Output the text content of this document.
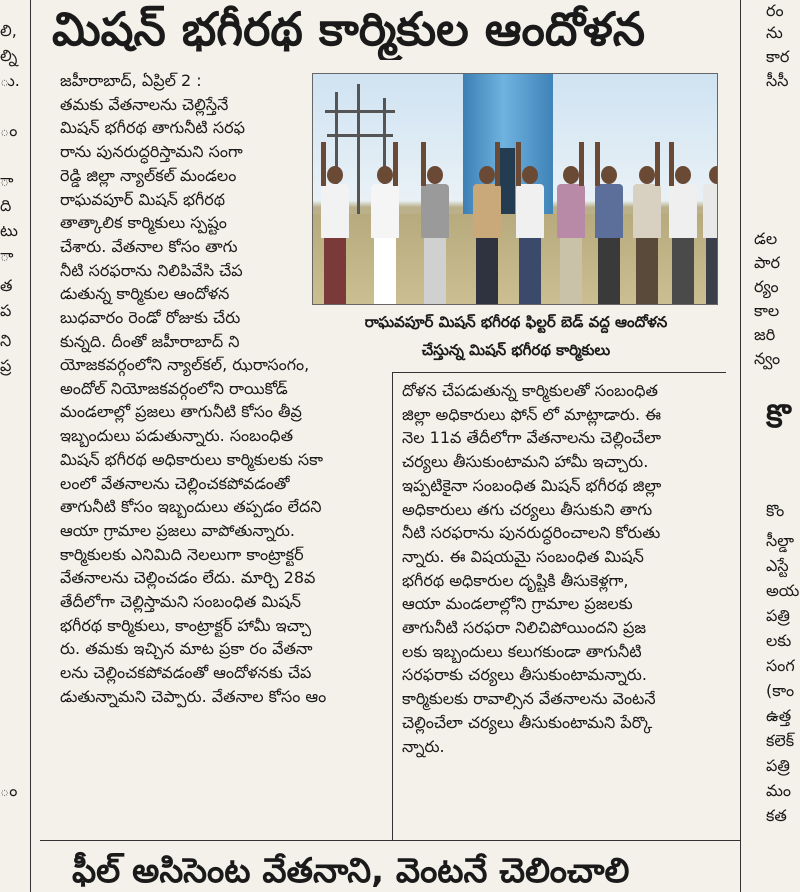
లి,
ల్ని
ు.
ం
ా
ది
టు
ా
త
ప
ని
ప్ర
ం
మిషన్ భగీరథ కార్మికుల ఆందోళన
జహీరాబాద్, ఏప్రిల్ 2 :
తమకు వేతనాలను చెల్లిస్తేనే
మిషన్ భగీరథ తాగునీటి సరఫ
రాను పునరుద్ధరిస్తామని సంగా
రెడ్డి జిల్లా న్యాల్‌కల్ మండలం
రాఘవపూర్ మిషన్ భగీరథ
తాత్కాలిక కార్మికులు స్పష్టం
చేశారు. వేతనాల కోసం తాగు
నీటి సరఫరాను నిలిపివేసి చేప
డుతున్న కార్మికుల ఆందోళన
బుధవారం రెండో రోజుకు చేరు
కున్నది. దీంతో జహీరాబాద్ ని
రాఘవపూర్ మిషన్ భగీరథ ఫిల్టర్ బెడ్ వద్ద ఆందోళన
చేస్తున్న మిషన్ భగీరథ కార్మికులు
యోజకవర్గంలోని న్యాల్‌కల్, ఝరాసంగం,
అందోల్ నియోజకవర్గంలోని రాయికోడ్
మండలాల్లో ప్రజలు తాగునీటి కోసం తీవ్ర
ఇబ్బందులు పడుతున్నారు. సంబంధిత
మిషన్ భగీరథ అధికారులు కార్మికులకు సకా
లంలో వేతనాలను చెల్లించకపోవడంతో
తాగునీటి కోసం ఇబ్బందులు తప్పడం లేదని
ఆయా గ్రామాల ప్రజలు వాపోతున్నారు.
కార్మికులకు ఎనిమిది నెలలుగా కాంట్రాక్టర్
వేతనాలను చెల్లించడం లేదు. మార్చి 28వ
తేదీలోగా చెల్లిస్తామని సంబంధిత మిషన్
భగీరథ కార్మికులు, కాంట్రాక్టర్ హామీ ఇచ్చా
రు. తమకు ఇచ్చిన మాట ప్రకా రం వేతనా
లను చెల్లించకపోవడంతో ఆందోళనకు చేప
డుతున్నామని చెప్పారు. వేతనాల కోసం ఆం
దోళన చేపడుతున్న కార్మికులతో సంబంధిత
జిల్లా అధికారులు ఫోన్ లో మాట్లాడారు. ఈ
నెల 11వ తేదీలోగా వేతనాలను చెల్లించేలా
చర్యలు తీసుకుంటామని హామీ ఇచ్చారు.
ఇప్పటికైనా సంబంధిత మిషన్ భగీరథ జిల్లా
అధికారులు తగు చర్యలు తీసుకుని తాగు
నీటి సరఫరాను పునరుద్ధరించాలని కోరుతు
న్నారు. ఈ విషయమై సంబంధిత మిషన్
భగీరథ అధికారుల దృష్టికి తీసుకెళ్లగా,
ఆయా మండలాల్లోని గ్రామాల ప్రజలకు
తాగునీటి సరఫరా నిలిచిపోయిందని ప్రజ
లకు ఇబ్బందులు కలుగకుండా తాగునీటి
సరఫరాకు చర్యలు తీసుకుంటామన్నారు.
కార్మికులకు రావాల్సిన వేతనాలను వెంటనే
చెల్లించేలా చర్యలు తీసుకుంటామని పేర్కొ
న్నారు.
ఫీల్ అసిసెంట వేతనాని, వెంటనే చెలించాలి
రం
ను
కార
సీసీ
డల
పార
ర్యం
కాల
జరి
న్వం
కొ
కొం
సీల్డా
ఎస్టే
అయ
పత్రి
లకు
సంగ
(కాం
ఉత్త
కలెక్
పత్రి
మం
కత
